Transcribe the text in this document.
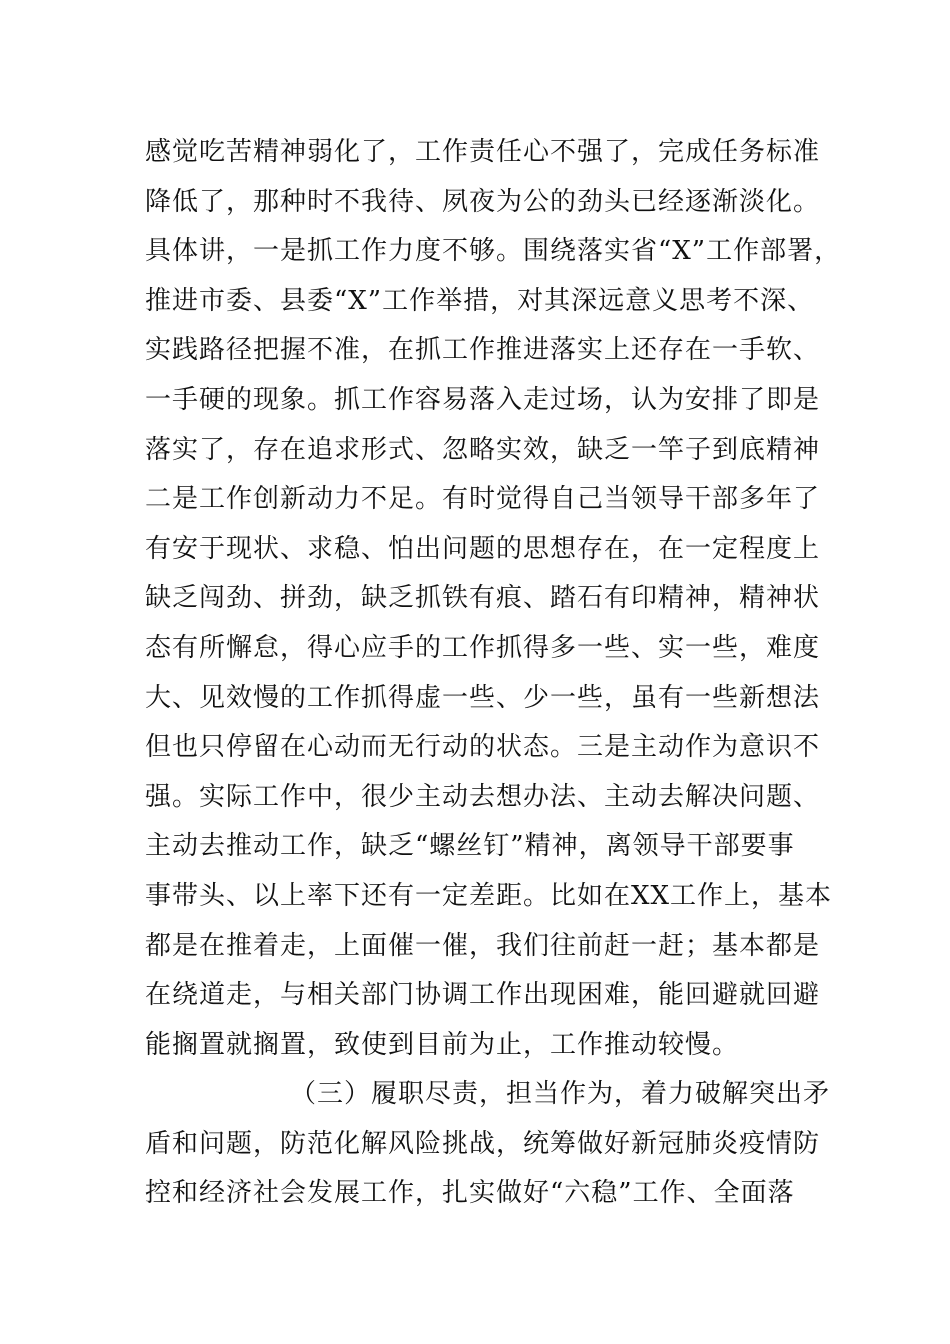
感觉吃苦精神弱化了，工作责任心不强了，完成任务标准
降低了，那种时不我待、夙夜为公的劲头已经逐渐淡化。
具体讲，一是抓工作力度不够。围绕落实省“X”工作部署，
推进市委、县委“X”工作举措，对其深远意义思考不深、
实践路径把握不准，在抓工作推进落实上还存在一手软、
一手硬的现象。抓工作容易落入走过场，认为安排了即是
落实了，存在追求形式、忽略实效，缺乏一竿子到底精神
二是工作创新动力不足。有时觉得自己当领导干部多年了
有安于现状、求稳、怕出问题的思想存在，在一定程度上
缺乏闯劲、拼劲，缺乏抓铁有痕、踏石有印精神，精神状
态有所懈怠，得心应手的工作抓得多一些、实一些，难度
大、见效慢的工作抓得虚一些、少一些，虽有一些新想法
但也只停留在心动而无行动的状态。三是主动作为意识不
强。实际工作中，很少主动去想办法、主动去解决问题、
主动去推动工作，缺乏“螺丝钉”精神，离领导干部要事
事带头、以上率下还有一定差距。比如在XX工作上，基本
都是在推着走，上面催一催，我们往前赶一赶；基本都是
在绕道走，与相关部门协调工作出现困难，能回避就回避
能搁置就搁置，致使到目前为止，工作推动较慢。
（三）履职尽责，担当作为，着力破解突出矛
盾和问题，防范化解风险挑战，统筹做好新冠肺炎疫情防
控和经济社会发展工作，扎实做好“六稳”工作、全面落
